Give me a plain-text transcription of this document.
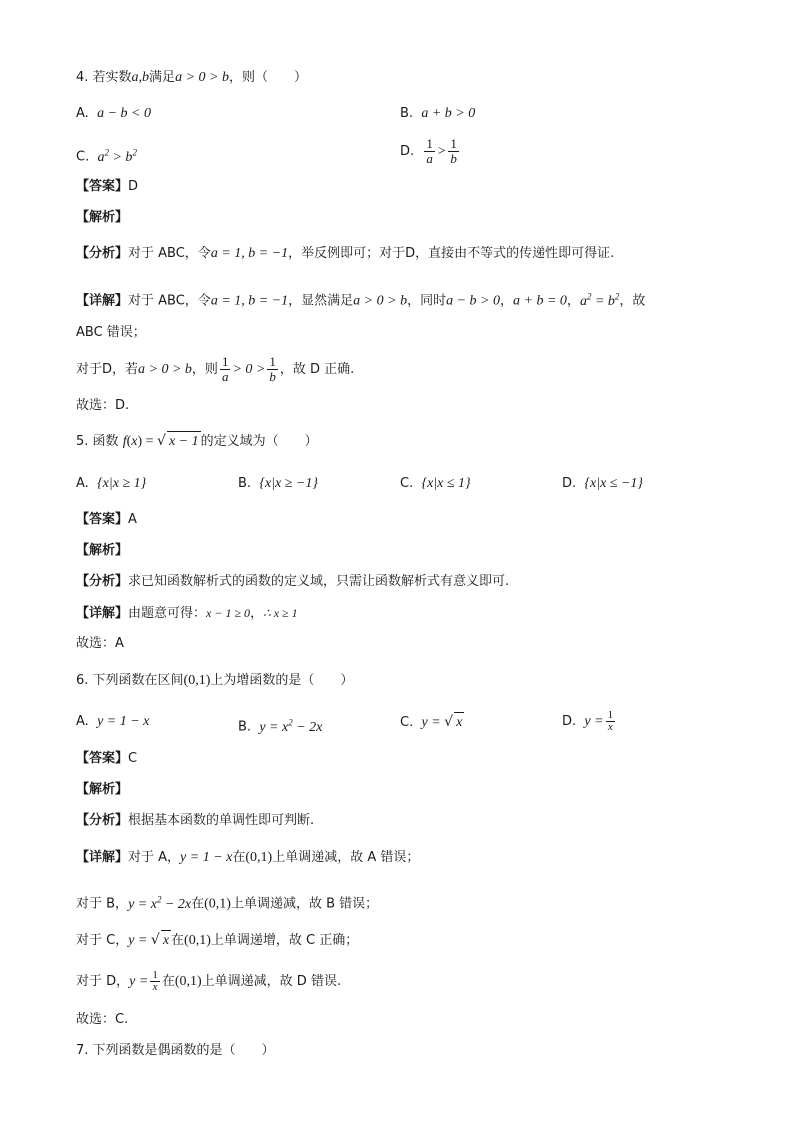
4. 若实数a,b满足a > 0 > b，则（　　）
A. a − b < 0	B. a + b > 0
C. $a^2 > b^2$	D. $\frac{1}{a} > \frac{1}{b}$
【答案】D
【解析】
【分析】对于 ABC，令a = 1, b = −1，举反例即可；对于D，直接由不等式的传递性即可得证.
【详解】对于 ABC，令a = 1, b = −1，显然满足a > 0 > b，同时a − b > 0，a + b = 0，$a^2 = b^2$，故
ABC 错误；
对于D，若a > 0 > b，则 $\frac{1}{a} > 0 > \frac{1}{b}$ ，故 D 正确.
故选：D.
5. 函数 f(x) = √ x − 1 的定义域为（　　）
A. {x|x ≥ 1}	B. {x|x ≥ −1}	C. {x|x ≤ 1}	D. {x|x ≤ −1}
【答案】A
【解析】
【分析】求已知函数解析式的函数的定义域，只需让函数解析式有意义即可.
【详解】由题意可得：x − 1 ≥ 0，∴ x ≥ 1
故选：A
6. 下列函数在区间(0,1)上为增函数的是（　　）
A. y = 1 − x	B. $y = x^2 - 2x$	C. y = √ x	D. $y = \frac{1}{x}$
【答案】C
【解析】
【分析】根据基本函数的单调性即可判断.
【详解】对于 A，y = 1 − x在(0,1)上单调递减，故 A 错误；
对于 B，$y = x^2 - 2x$在(0,1)上单调递减，故 B 错误；
对于 C，y = √ x 在(0,1)上单调递增，故 C 正确；
对于 D，$y = \frac{1}{x}$ 在(0,1)上单调递减，故 D 错误.
故选：C.
7. 下列函数是偶函数的是（　　）
